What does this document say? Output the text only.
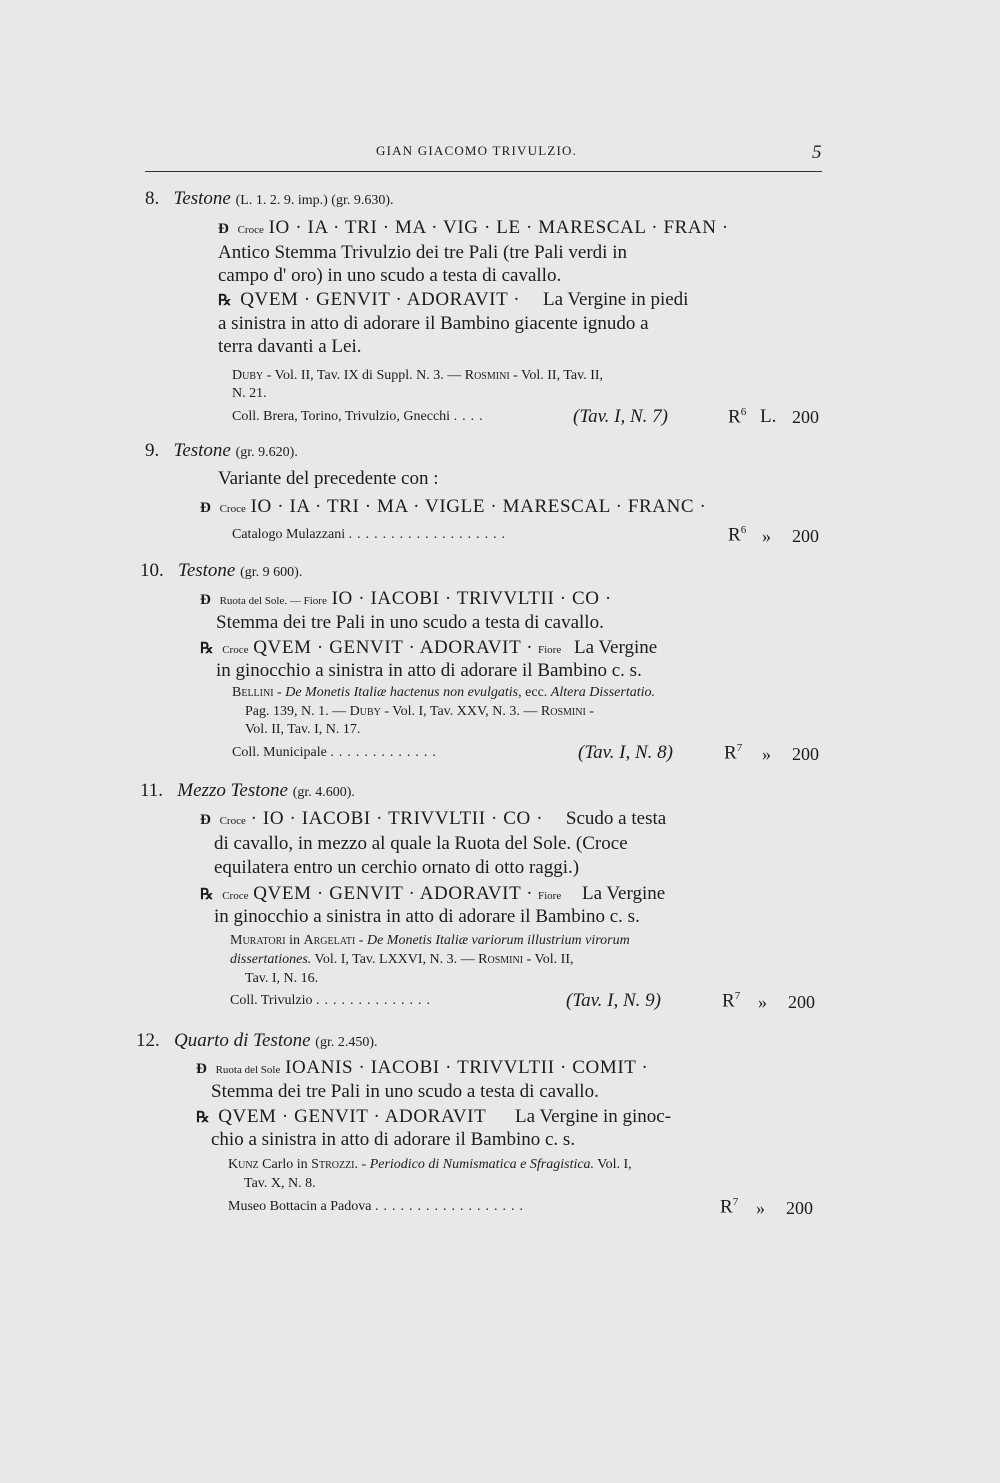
GIAN GIACOMO TRIVULZIO.	5
8. Testone (L. 1. 2. 9. imp.) (gr. 9.630).
Ɖ Croce IO · IA · TRI · MA · VIG · LE · MARESCAL · FRAN ·
Antico Stemma Trivulzio dei tre Pali (tre Pali verdi in
campo d' oro) in uno scudo a testa di cavallo.
℞ QVEM · GENVIT · ADORAVIT · La Vergine in piedi
a sinistra in atto di adorare il Bambino giacente ignudo a
terra davanti a Lei.
Duby - Vol. II, Tav. IX di Suppl. N. 3. — Rosmini - Vol. II, Tav. II,
N. 21.
Coll. Brera, Torino, Trivulzio, Gnecchi ....	(Tav. I, N. 7)	$R^6$ L. 200
9. Testone (gr. 9.620).
Variante del precedente con :
Ɖ Croce IO · IA · TRI · MA · VIGLE · MARESCAL · FRANC ·
Catalogo Mulazzani ...................	$R^6$ » 200
10. Testone (gr. 9 600).
Ɖ Ruota del Sole. — Fiore IO · IACOBI · TRIVVLTII · CO ·
Stemma dei tre Pali in uno scudo a testa di cavallo.
℞ Croce QVEM · GENVIT · ADORAVIT · Fiore La Vergine
in ginocchio a sinistra in atto di adorare il Bambino c. s.
Bellini - De Monetis Italiæ hactenus non evulgatis, ecc. Altera Dissertatio.
Pag. 139, N. 1. — Duby - Vol. I, Tav. XXV, N. 3. — Rosmini -
Vol. II, Tav. I, N. 17.
Coll. Municipale .............	(Tav. I, N. 8)	$R^7$ » 200
11. Mezzo Testone (gr. 4.600).
Ɖ Croce · IO · IACOBI · TRIVVLTII · CO · Scudo a testa
di cavallo, in mezzo al quale la Ruota del Sole. (Croce
equilatera entro un cerchio ornato di otto raggi.)
℞ Croce QVEM · GENVIT · ADORAVIT · Fiore La Vergine
in ginocchio a sinistra in atto di adorare il Bambino c. s.
Muratori in Argelati - De Monetis Italiæ variorum illustrium virorum
dissertationes. Vol. I, Tav. LXXVI, N. 3. — Rosmini - Vol. II,
Tav. I, N. 16.
Coll. Trivulzio ..............	(Tav. I, N. 9)	$R^7$ » 200
12. Quarto di Testone (gr. 2.450).
Ɖ Ruota del Sole IOANIS · IACOBI · TRIVVLTII · COMIT ·
Stemma dei tre Pali in uno scudo a testa di cavallo.
℞ QVEM · GENVIT · ADORAVIT La Vergine in ginoc-
chio a sinistra in atto di adorare il Bambino c. s.
Kunz Carlo in Strozzi. - Periodico di Numismatica e Sfragistica. Vol. I,
Tav. X, N. 8.
Museo Bottacin a Padova ..................	$R^7$ » 200
